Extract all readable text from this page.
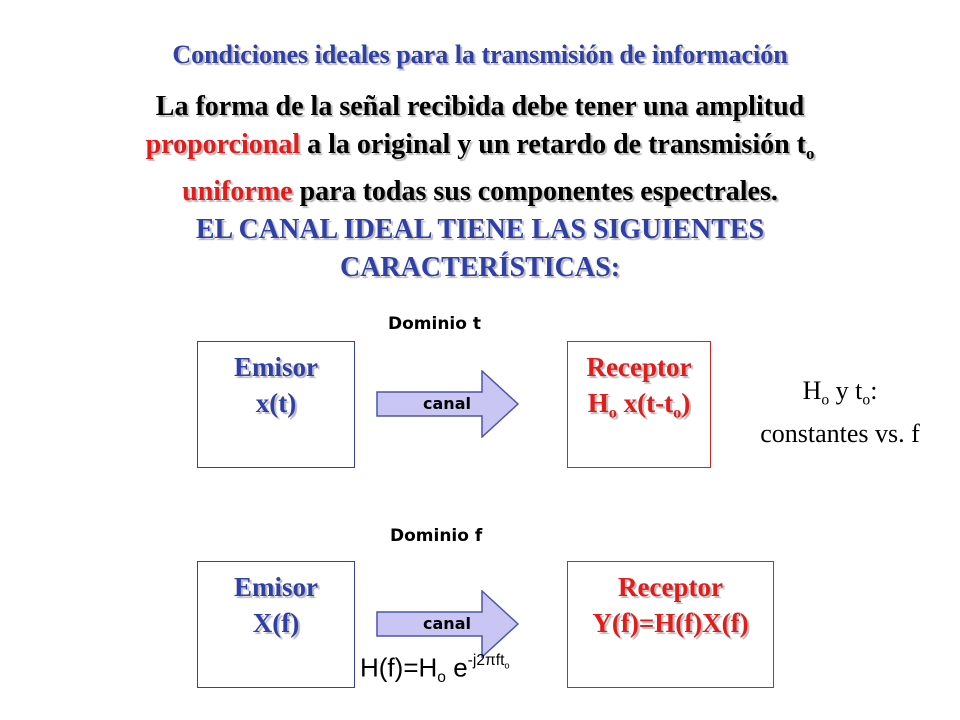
Condiciones ideales para la transmisión de información
La forma de la señal recibida debe tener una amplitud
proporcional a la original y un retardo de transmisión $t_o$
uniforme para todas sus componentes espectrales.
EL CANAL IDEAL TIENE LAS SIGUIENTES
CARACTERÍSTICAS:
Dominio t
Emisor
x(t)	canal
Receptor
$H_o$ $x(t-t_o)$	$H_o$ y $t_o$:
constantes vs. f
Dominio f
Emisor
X(f)	canal
Receptor
Y(f)=H(f)X(f)
$H(f)=H_o$ $e^{-j2\pi ft_o}$
